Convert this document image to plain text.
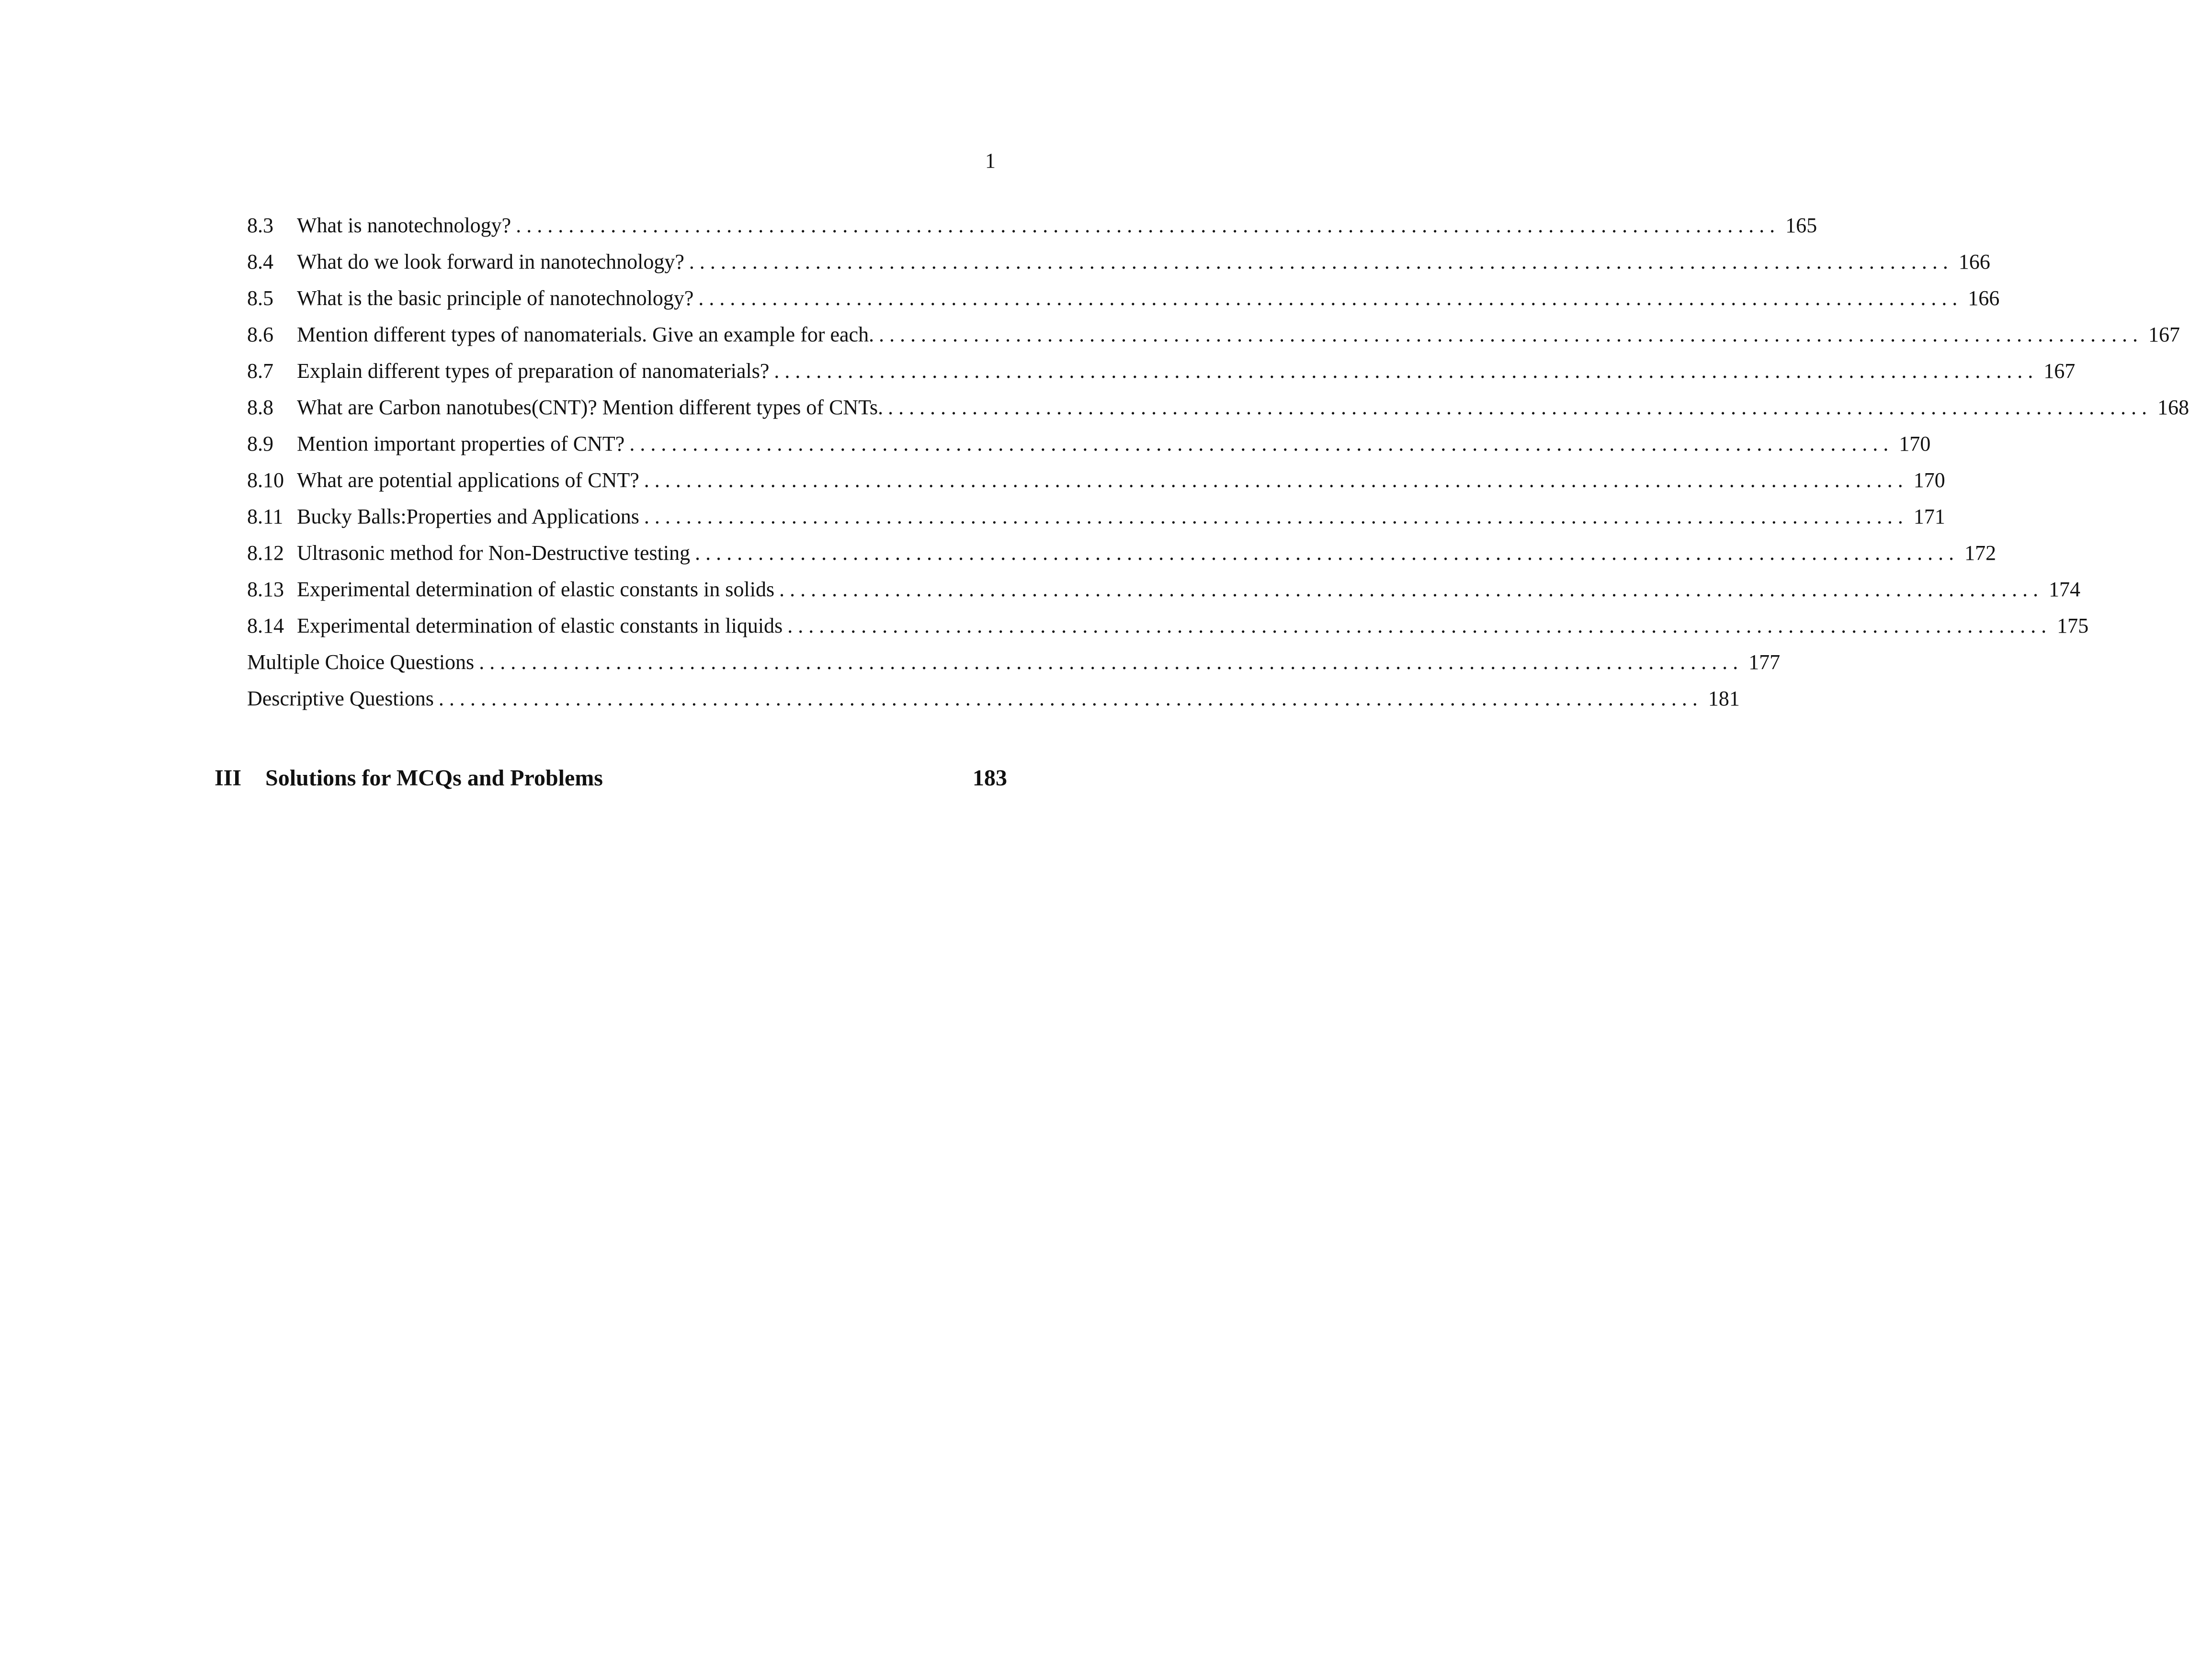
1
8.3	What is nanotechnology? . . . . . . . . . . . . . . . . . . . . . . . . . . . . . . . . . . . . . . . . . . . . . . . . . . . . . . . . . . . . . . . . . . . . . . . . . . . . . . . . . . . . . . . . . . . . . . . . . . . . . . . . . . . . . . . . . . . . . . . . 165
8.4	What do we look forward in nanotechnology? . . . . . . . . . . . . . . . . . . . . . . . . . . . . . . . . . . . . . . . . . . . . . . . . . . . . . . . . . . . . . . . . . . . . . . . . . . . . . . . . . . . . . . . . . . . . . . . . . . . . . . . . . . . . . . . . . . . . . . . . 166
8.5	What is the basic principle of nanotechnology? . . . . . . . . . . . . . . . . . . . . . . . . . . . . . . . . . . . . . . . . . . . . . . . . . . . . . . . . . . . . . . . . . . . . . . . . . . . . . . . . . . . . . . . . . . . . . . . . . . . . . . . . . . . . . . . . . . . . . . . . 166
8.6	Mention different types of nanomaterials. Give an example for each. . . . . . . . . . . . . . . . . . . . . . . . . . . . . . . . . . . . . . . . . . . . . . . . . . . . . . . . . . . . . . . . . . . . . . . . . . . . . . . . . . . . . . . . . . . . . . . . . . . . . . . . . . . . . . . . . . . . . . . . . 167
8.7	Explain different types of preparation of nanomaterials? . . . . . . . . . . . . . . . . . . . . . . . . . . . . . . . . . . . . . . . . . . . . . . . . . . . . . . . . . . . . . . . . . . . . . . . . . . . . . . . . . . . . . . . . . . . . . . . . . . . . . . . . . . . . . . . . . . . . . . . . 167
8.8	What are Carbon nanotubes(CNT)? Mention different types of CNTs. . . . . . . . . . . . . . . . . . . . . . . . . . . . . . . . . . . . . . . . . . . . . . . . . . . . . . . . . . . . . . . . . . . . . . . . . . . . . . . . . . . . . . . . . . . . . . . . . . . . . . . . . . . . . . . . . . . . . . . . . 168
8.9	Mention important properties of CNT? . . . . . . . . . . . . . . . . . . . . . . . . . . . . . . . . . . . . . . . . . . . . . . . . . . . . . . . . . . . . . . . . . . . . . . . . . . . . . . . . . . . . . . . . . . . . . . . . . . . . . . . . . . . . . . . . . . . . . . . . 170
8.10 What are potential applications of CNT? . . . . . . . . . . . . . . . . . . . . . . . . . . . . . . . . . . . . . . . . . . . . . . . . . . . . . . . . . . . . . . . . . . . . . . . . . . . . . . . . . . . . . . . . . . . . . . . . . . . . . . . . . . . . . . . . . . . . . . . . 170
8.11 Bucky Balls:Properties and Applications . . . . . . . . . . . . . . . . . . . . . . . . . . . . . . . . . . . . . . . . . . . . . . . . . . . . . . . . . . . . . . . . . . . . . . . . . . . . . . . . . . . . . . . . . . . . . . . . . . . . . . . . . . . . . . . . . . . . . . . . 171
8.12 Ultrasonic method for Non-Destructive testing . . . . . . . . . . . . . . . . . . . . . . . . . . . . . . . . . . . . . . . . . . . . . . . . . . . . . . . . . . . . . . . . . . . . . . . . . . . . . . . . . . . . . . . . . . . . . . . . . . . . . . . . . . . . . . . . . . . . . . . . 172
8.13 Experimental determination of elastic constants in solids . . . . . . . . . . . . . . . . . . . . . . . . . . . . . . . . . . . . . . . . . . . . . . . . . . . . . . . . . . . . . . . . . . . . . . . . . . . . . . . . . . . . . . . . . . . . . . . . . . . . . . . . . . . . . . . . . . . . . . . . 174
8.14 Experimental determination of elastic constants in liquids . . . . . . . . . . . . . . . . . . . . . . . . . . . . . . . . . . . . . . . . . . . . . . . . . . . . . . . . . . . . . . . . . . . . . . . . . . . . . . . . . . . . . . . . . . . . . . . . . . . . . . . . . . . . . . . . . . . . . . . . 175
Multiple Choice Questions . . . . . . . . . . . . . . . . . . . . . . . . . . . . . . . . . . . . . . . . . . . . . . . . . . . . . . . . . . . . . . . . . . . . . . . . . . . . . . . . . . . . . . . . . . . . . . . . . . . . . . . . . . . . . . . . . . . . . . . . 177
Descriptive Questions . . . . . . . . . . . . . . . . . . . . . . . . . . . . . . . . . . . . . . . . . . . . . . . . . . . . . . . . . . . . . . . . . . . . . . . . . . . . . . . . . . . . . . . . . . . . . . . . . . . . . . . . . . . . . . . . . . . . . . . . 181
III	Solutions for MCQs and Problems	183
